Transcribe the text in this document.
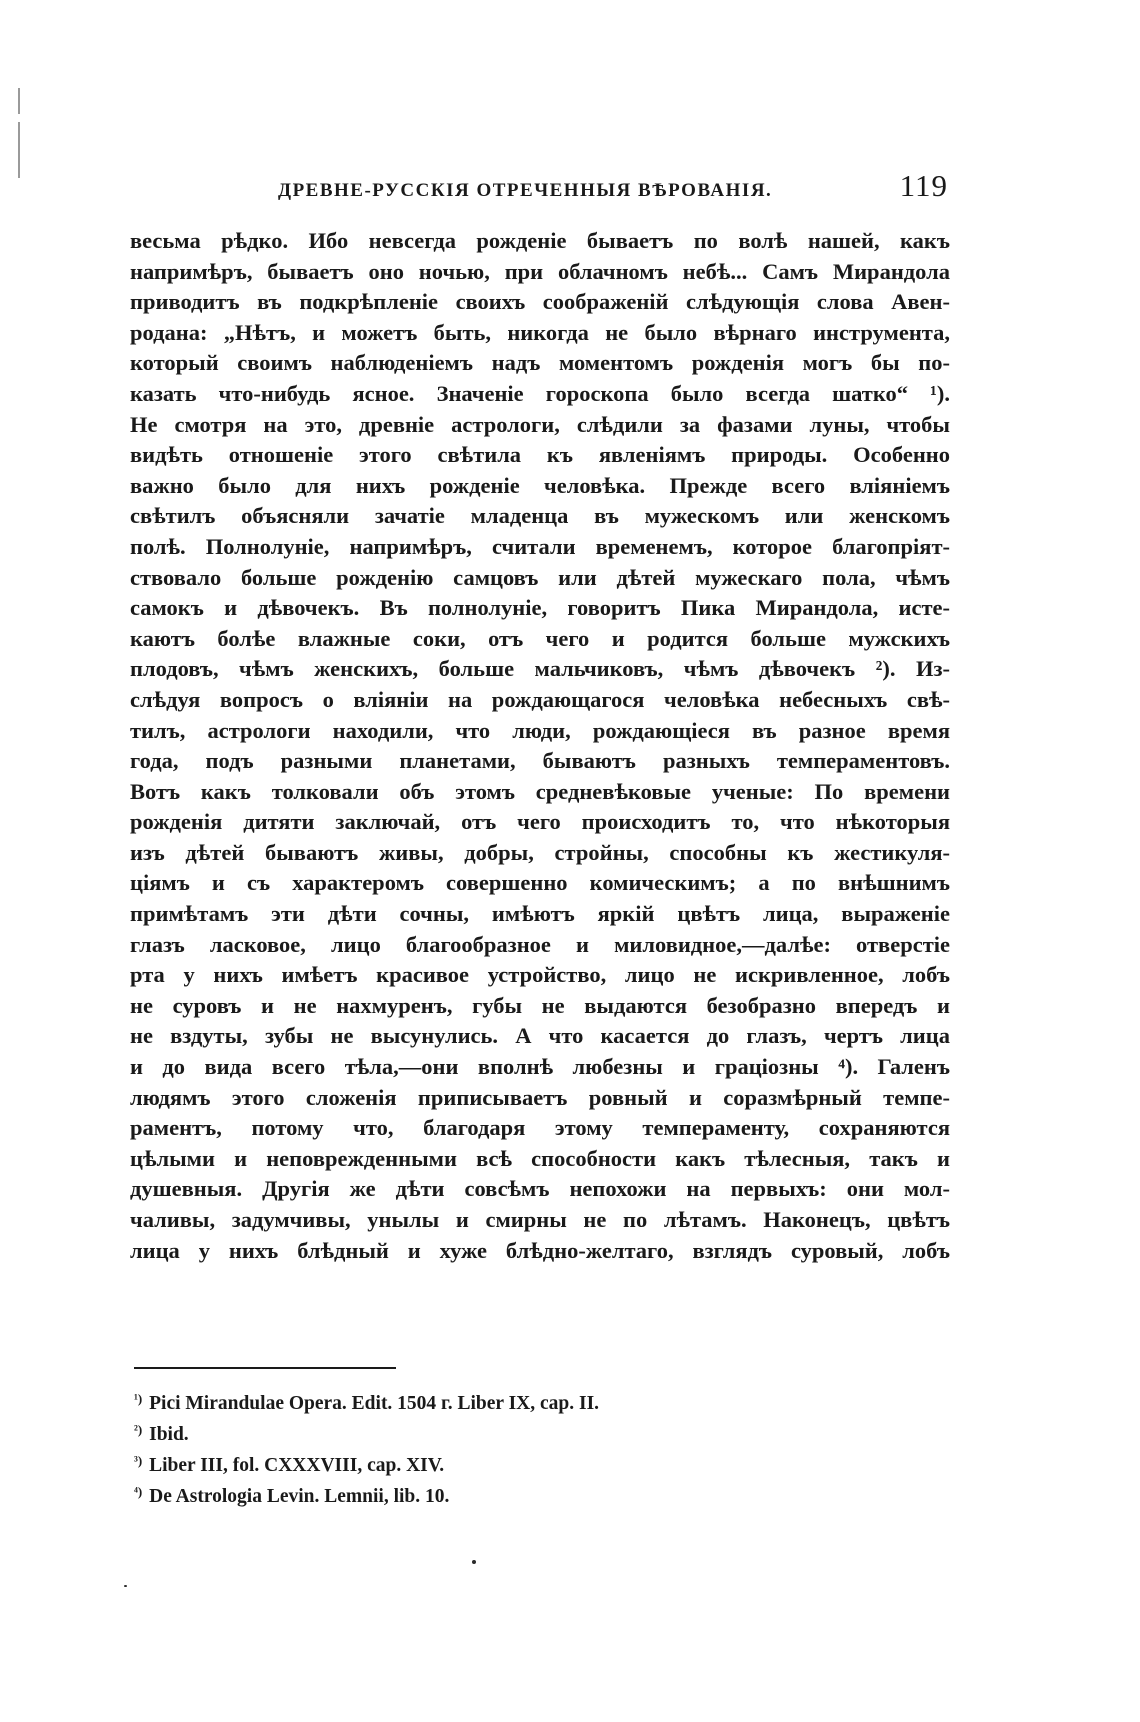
ДРЕВНЕ-РУССКІЯ ОТРЕЧЕННЫЯ ВѢРОВАНІЯ.	119
весьма рѣдко. Ибо невсегда рожденіе бываетъ по волѣ нашей, какъ
напримѣръ, бываетъ оно ночью, при облачномъ небѣ... Самъ Мирандола
приводитъ въ подкрѣпленіе своихъ соображеній слѣдующія слова Авен-
родана: „Нѣтъ, и можетъ быть, никогда не было вѣрнаго инструмента,
который своимъ наблюденіемъ надъ моментомъ рожденія могъ бы по-
казать что-нибудь ясное. Значеніе гороскопа было всегда шатко“ ¹).
Не смотря на это, древніе астрологи, слѣдили за фазами луны, чтобы
видѣть отношеніе этого свѣтила къ явленіямъ природы. Особенно
важно было для нихъ рожденіе человѣка. Прежде всего вліяніемъ
свѣтилъ объясняли зачатіе младенца въ мужескомъ или женскомъ
полѣ. Полнолуніе, напримѣръ, считали временемъ, которое благопріят-
ствовало больше рожденію самцовъ или дѣтей мужескаго пола, чѣмъ
самокъ и дѣвочекъ. Въ полнолуніе, говоритъ Пика Мирандола, исте-
каютъ болѣе влажные соки, отъ чего и родится больше мужскихъ
плодовъ, чѣмъ женскихъ, больше мальчиковъ, чѣмъ дѣвочекъ ²). Из-
слѣдуя вопросъ о вліяніи на рождающагося человѣка небесныхъ свѣ-
тилъ, астрологи находили, что люди, рождающіеся въ разное время
года, подъ разными планетами, бываютъ разныхъ темпераментовъ.
Вотъ какъ толковали объ этомъ средневѣковые ученые: По времени
рожденія дитяти заключай, отъ чего происходитъ то, что нѣкоторыя
изъ дѣтей бываютъ живы, добры, стройны, способны къ жестикуля-
ціямъ и съ характеромъ совершенно комическимъ; а по внѣшнимъ
примѣтамъ эти дѣти сочны, имѣютъ яркій цвѣтъ лица, выраженіе
глазъ ласковое, лицо благообразное и миловидное,—далѣе: отверстіе
рта у нихъ имѣетъ красивое устройство, лицо не искривленное, лобъ
не суровъ и не нахмуренъ, губы не выдаются безобразно впередъ и
не вздуты, зубы не высунулись. А что касается до глазъ, чертъ лица
и до вида всего тѣла,—они вполнѣ любезны и граціозны ⁴). Галенъ
людямъ этого сложенія приписываетъ ровный и соразмѣрный темпе-
раментъ, потому что, благодаря этому темпераменту, сохраняются
цѣлыми и неповрежденными всѣ способности какъ тѣлесныя, такъ и
душевныя. Другія же дѣти совсѣмъ непохожи на первыхъ: они мол-
чаливы, задумчивы, унылы и смирны не по лѣтамъ. Наконецъ, цвѣтъ
лица у нихъ блѣдный и хуже блѣдно-желтаго, взглядъ суровый, лобъ
$^{^1)}$ Pici Mirandulae Opera. Edit. 1504 г. Liber IX, cap. II.
$^{^2)}$ Ibid.
$^{^3)}$ Liber III, fol. CXXXVIII, cap. XIV.
$^{^4)}$ De Astrologia Levin. Lemnii, lib. 10.
